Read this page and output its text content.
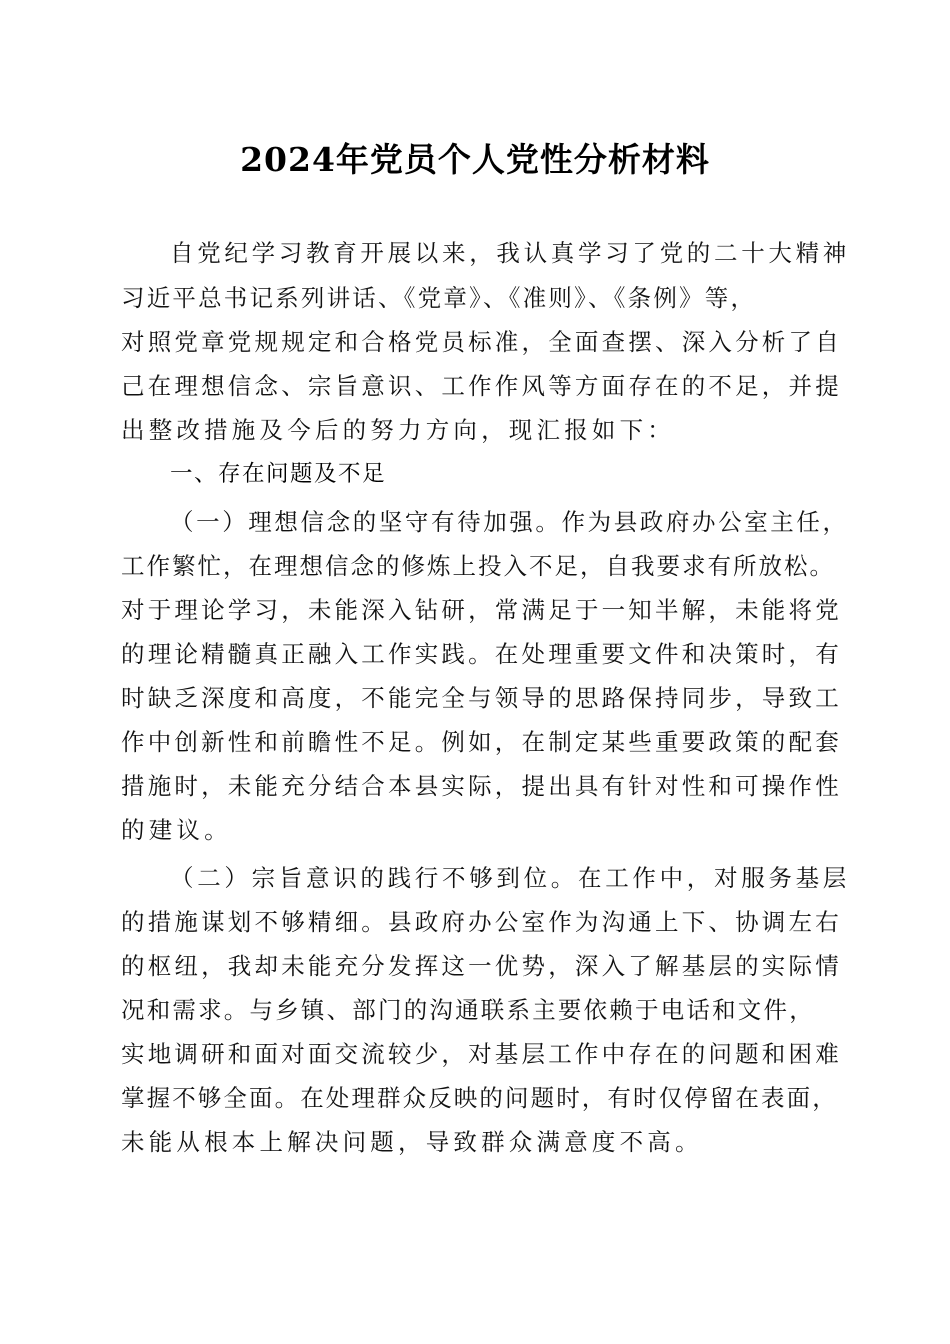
2024年党员个人党性分析材料
自党纪学习教育开展以来，我认真学习了党的二十大精神
习近平总书记系列讲话、《党章》、《准则》、《条例》等，
对照党章党规规定和合格党员标准，全面查摆、深入分析了自
己在理想信念、宗旨意识、工作作风等方面存在的不足，并提
出整改措施及今后的努力方向，现汇报如下：
一、存在问题及不足
（一）理想信念的坚守有待加强。作为县政府办公室主任，
工作繁忙，在理想信念的修炼上投入不足，自我要求有所放松。
对于理论学习，未能深入钻研，常满足于一知半解，未能将党
的理论精髓真正融入工作实践。在处理重要文件和决策时，有
时缺乏深度和高度，不能完全与领导的思路保持同步，导致工
作中创新性和前瞻性不足。例如，在制定某些重要政策的配套
措施时，未能充分结合本县实际，提出具有针对性和可操作性
的建议。
（二）宗旨意识的践行不够到位。在工作中，对服务基层
的措施谋划不够精细。县政府办公室作为沟通上下、协调左右
的枢纽，我却未能充分发挥这一优势，深入了解基层的实际情
况和需求。与乡镇、部门的沟通联系主要依赖于电话和文件，
实地调研和面对面交流较少，对基层工作中存在的问题和困难
掌握不够全面。在处理群众反映的问题时，有时仅停留在表面，
未能从根本上解决问题，导致群众满意度不高。
